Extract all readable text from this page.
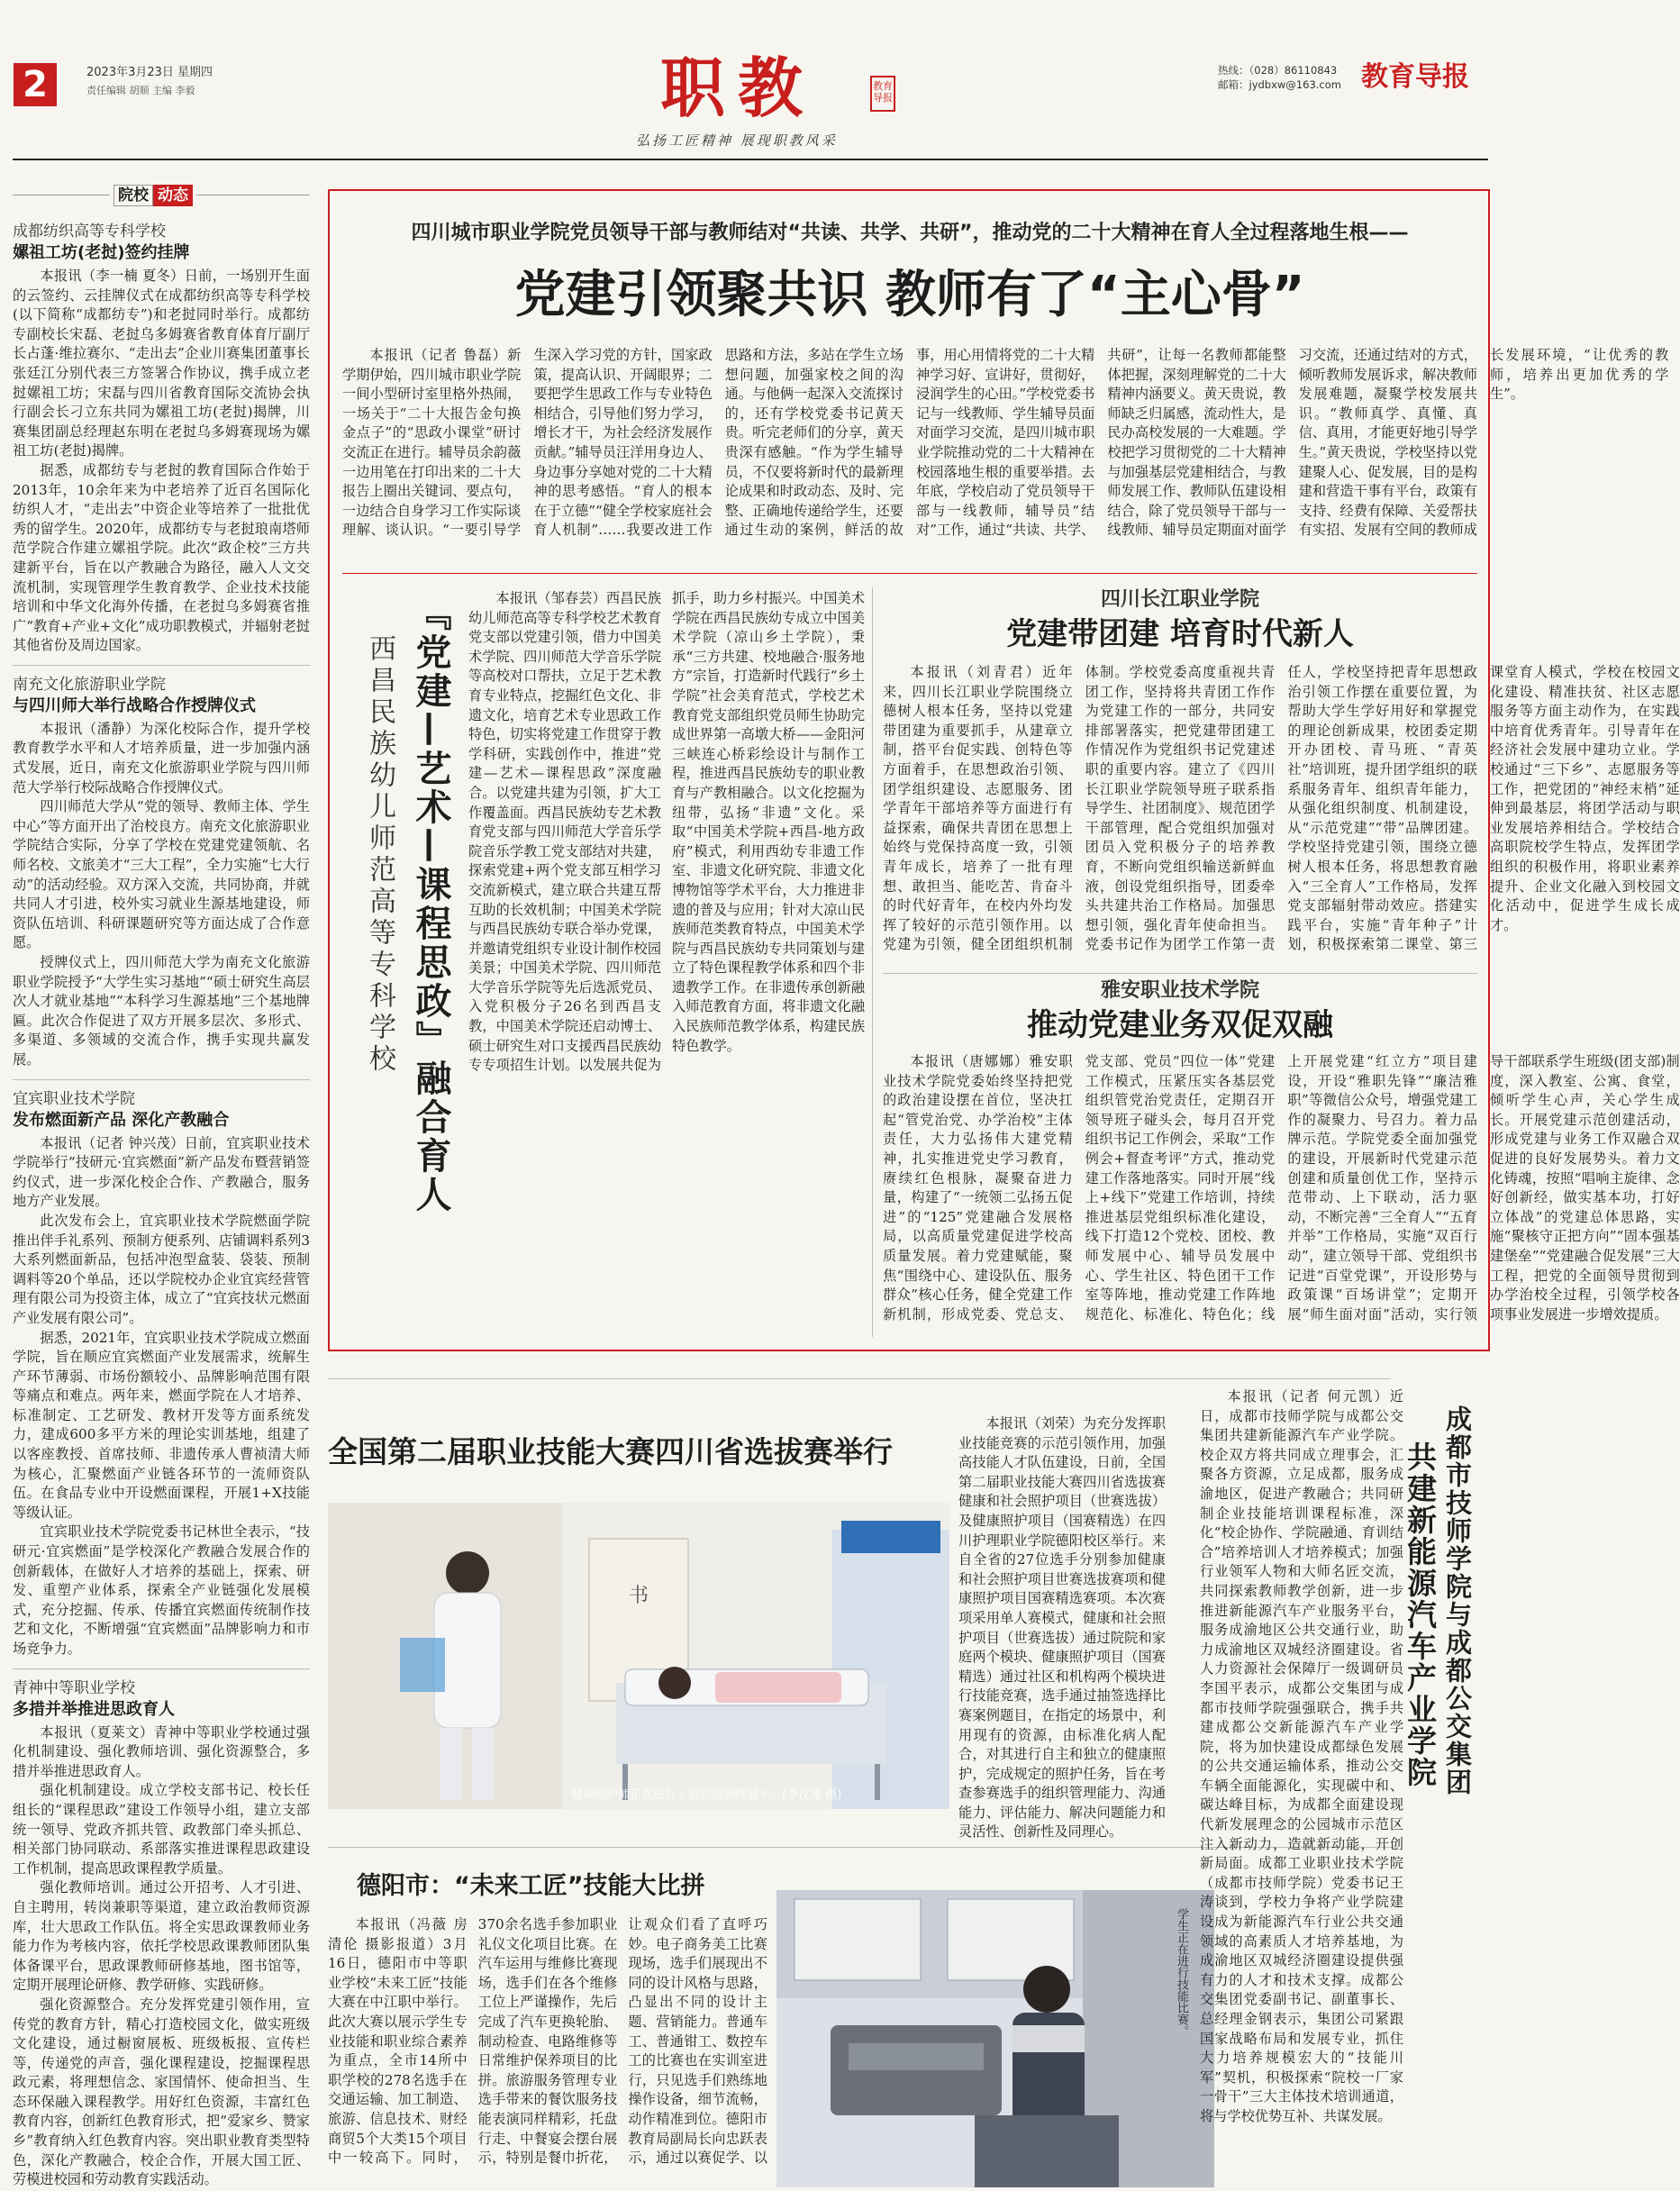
2	2023年3月23日 星期四
责任编辑 胡顺 主编 李毅	职教	教育导报
弘扬工匠精神 展现职教风采
热线：（028）86110843
邮箱：jydbxw@163.com 教育导报
院校 动态
成都纺织高等专科学校
嫘祖工坊(老挝)签约挂牌

本报讯（李一楠 夏冬）日前，一场别开生面的云签约、云挂牌仪式在成都纺织高等专科学校(以下简称“成都纺专”)和老挝同时举行。成都纺专副校长宋磊、老挝乌多姆赛省教育体育厅副厅长占蓬·维拉赛尔、“走出去”企业川赛集团董事长张廷江分别代表三方签署合作协议，携手成立老挝嫘祖工坊；宋磊与四川省教育国际交流协会执行副会长刁立东共同为嫘祖工坊(老挝)揭牌，川赛集团副总经理赵东明在老挝乌多姆赛现场为嫘祖工坊(老挝)揭牌。

据悉，成都纺专与老挝的教育国际合作始于2013年，10余年来为中老培养了近百名国际化纺织人才，“走出去”中资企业等培养了一批批优秀的留学生。2020年，成都纺专与老挝琅南塔师范学院合作建立嫘祖学院。此次“政企校”三方共建新平台，旨在以产教融合为路径，融入人文交流机制，实现管理学生教育教学、企业技术技能培训和中华文化海外传播，在老挝乌多姆赛省推广“教育+产业+文化”成功职教模式，并辐射老挝其他省份及周边国家。

南充文化旅游职业学院
与四川师大举行战略合作授牌仪式

本报讯（潘静）为深化校际合作，提升学校教育教学水平和人才培养质量，进一步加强内涵式发展，近日，南充文化旅游职业学院与四川师范大学举行校际战略合作授牌仪式。

四川师范大学从“党的领导、教师主体、学生中心”等方面开出了治校良方。南充文化旅游职业学院结合实际，分享了学校在党建党建领航、名师名校、文旅美才“三大工程”，全力实施“七大行动”的活动经验。双方深入交流，共同协商，并就共同人才引进，校外实习就业生源基地建设，师资队伍培训、科研课题研究等方面达成了合作意愿。

授牌仪式上，四川师范大学为南充文化旅游职业学院授予“大学生实习基地”“硕士研究生高层次人才就业基地”“本科学习生源基地”三个基地牌匾。此次合作促进了双方开展多层次、多形式、多渠道、多领域的交流合作，携手实现共赢发展。

宜宾职业技术学院
发布燃面新产品 深化产教融合

本报讯（记者 钟兴茂）日前，宜宾职业技术学院举行“技研元·宜宾燃面”新产品发布暨营销签约仪式，进一步深化校企合作、产教融合，服务地方产业发展。

此次发布会上，宜宾职业技术学院燃面学院推出伴手礼系列、预制方便系列、店铺调料系列3大系列燃面新品，包括冲泡型盒装、袋装、预制调料等20个单品，还以学院校办企业宜宾经营管理有限公司为投资主体，成立了“宜宾技状元燃面产业发展有限公司”。

据悉，2021年，宜宾职业技术学院成立燃面学院，旨在顺应宜宾燃面产业发展需求，统解生产环节薄弱、市场份额较小、品牌影响范围有限等痛点和难点。两年来，燃面学院在人才培养、标准制定、工艺研发、教材开发等方面系统发力，建成600多平方米的理论实训基地，组建了以客座教授、首席技师、非遗传承人曹祯清大师为核心，汇聚燃面产业链各环节的一流师资队伍。在食品专业中开设燃面课程，开展1+X技能等级认证。

宜宾职业技术学院党委书记林世全表示，“技研元·宜宾燃面”是学校深化产教融合发展合作的创新载体，在做好人才培养的基础上，探索、研发、重塑产业体系，探索全产业链强化发展模式，充分挖掘、传承、传播宜宾燃面传统制作技艺和文化，不断增强“宜宾燃面”品牌影响力和市场竞争力。

青神中等职业学校
多措并举推进思政育人

本报讯（夏莱文）青神中等职业学校通过强化机制建设、强化教师培训、强化资源整合，多措并举推进思政育人。

强化机制建设。成立学校支部书记、校长任组长的“课程思政”建设工作领导小组，建立支部统一领导、党政齐抓共管、政教部门牵头抓总、相关部门协同联动、系部落实推进课程思政建设工作机制，提高思政课程教学质量。

强化教师培训。通过公开招考、人才引进、自主聘用，转岗兼职等渠道，建立政治教师资源库，壮大思政工作队伍。将全实思政课教师业务能力作为考核内容，依托学校思政课教师团队集体备课平台，思政课教师研修基地，图书馆等，定期开展理论研修、教学研修、实践研修。

强化资源整合。充分发挥党建引领作用，宣传党的教育方针，精心打造校园文化，做实班级文化建设，通过橱窗展板、班级板报、宣传栏等，传递党的声音，强化课程建设，挖掘课程思政元素，将理想信念、家国情怀、使命担当、生态环保融入课程教学。用好红色资源，丰富红色教育内容，创新红色教育形式，把“爱家乡、赞家乡”教育纳入红色教育内容。突出职业教育类型特色，深化产教融合，校企合作，开展大国工匠、劳模进校园和劳动教育实践活动。

四川城市职业学院党员领导干部与教师结对“共读、共学、共研”，推动党的二十大精神在育人全过程落地生根——
党建引领聚共识 教师有了“主心骨”

本报讯（记者 鲁磊）新学期伊始，四川城市职业学院一间小型研讨室里格外热闹，一场关于“二十大报告金句换金点子”的“思政小课堂”研讨交流正在进行。辅导员余韵薇一边用笔在打印出来的二十大报告上圈出关键词、要点句，一边结合自身学习工作实际谈理解、谈认识。“一要引导学生深入学习党的方针，国家政策，提高认识、开阔眼界；二要把学生思政工作与专业特色相结合，引导他们努力学习，增长才干，为社会经济发展作贡献。”辅导员汪洋用身边人、身边事分享她对党的二十大精神的思考感悟。“育人的根本在于立德”“健全学校家庭社会育人机制”……我要改进工作思路和方法，多站在学生立场想问题，加强家校之间的沟通。与他俩一起深入交流探讨的，还有学校党委书记黄天贵。听完老师们的分享，黄天贵深有感触。“作为学生辅导员，不仅要将新时代的最新理论成果和时政动态、及时、完整、正确地传递给学生，还要通过生动的案例，鲜活的故事，用心用情将党的二十大精神学习好、宣讲好，贯彻好，浸润学生的心田。”学校党委书记与一线教师、学生辅导员面对面学习交流，是四川城市职业学院推动党的二十大精神在校园落地生根的重要举措。去年底，学校启动了党员领导干部与一线教师，辅导员“结对”工作，通过“共读、共学、共研”，让每一名教师都能整体把握，深刻理解党的二十大精神内涵要义。黄天贵说，教师缺乏归属感，流动性大，是民办高校发展的一大难题。学校把学习贯彻党的二十大精神与加强基层党建相结合，与教师发展工作、教师队伍建设相结合，除了党员领导干部与一线教师、辅导员定期面对面学习交流，还通过结对的方式，倾听教师发展诉求，解决教师发展难题，凝聚学校发展共识。“教师真学、真懂、真信、真用，才能更好地引导学生。”黄天贵说，学校坚持以党建聚人心、促发展，目的是构建和营造干事有平台，政策有支持、经费有保障、关爱帮扶有实招、发展有空间的教师成长发展环境，“让优秀的教师，培养出更加优秀的学生”。

『党建—艺术—课程思政』融合育人
西昌民族幼儿师范高等专科学校

本报讯（邹春芸）西昌民族幼儿师范高等专科学校艺术教育党支部以党建引领，借力中国美术学院、四川师范大学音乐学院等高校对口帮扶，立足于艺术教育专业特点，挖掘红色文化、非遗文化，培育艺术专业思政工作特色，切实将党建工作贯穿于教学科研，实践创作中，推进“党建—艺术—课程思政”深度融合。以党建共建为引领，扩大工作覆盖面。西昌民族幼专艺术教育党支部与四川师范大学音乐学院音乐学教工党支部结对共建，探索党建+两个党支部互相学习交流新模式，建立联合共建互帮互助的长效机制；中国美术学院与西昌民族幼专联合举办党课，并邀请党组织专业设计制作校园美景；中国美术学院、四川师范大学音乐学院等先后选派党员、入党积极分子26名到西昌支教，中国美术学院还启动博士、硕士研究生对口支援西昌民族幼专专项招生计划。以发展共促为抓手，助力乡村振兴。中国美术学院在西昌民族幼专成立中国美术学院（凉山乡土学院），秉承“三方共建、校地融合·服务地方”宗旨，打造新时代践行“乡土学院”社会美育范式，学校艺术教育党支部组织党员师生协助完成世界第一高墩大桥——金阳河三峡连心桥彩绘设计与制作工程，推进西昌民族幼专的职业教育与产教相融合。以文化挖掘为纽带，弘扬“非遗”文化。采取“中国美术学院+西昌-地方政府”模式，利用西幼专非遗工作室、非遗文化研究院、非遗文化博物馆等学术平台，大力推进非遗的普及与应用；针对大凉山民族师范类教育特点，中国美术学院与西昌民族幼专共同策划与建立了特色课程教学体系和四个非遗教学工作。在非遗传承创新融入师范教育方面，将非遗文化融入民族师范教学体系，构建民族特色教学。

四川长江职业学院
党建带团建 培育时代新人

本报讯（刘青君）近年来，四川长江职业学院围绕立德树人根本任务，坚持以党建带团建为重要抓手，从建章立制，搭平台促实践、创特色等方面着手，在思想政治引领、团学组织建设、志愿服务、团学青年干部培养等方面进行有益探索，确保共青团在思想上始终与党保持高度一致，引领青年成长，培养了一批有理想、敢担当、能吃苦、肯奋斗的时代好青年，在校内外均发挥了较好的示范引领作用。以党建为引领，健全团组织机制体制。学校党委高度重视共青团工作，坚持将共青团工作作为党建工作的一部分，共同安排部署落实，把党建带团建工作情况作为党组织书记党建述职的重要内容。建立了《四川长江职业学院领导班子联系指导学生、社团制度》、规范团学干部管理，配合党组织加强对团员入党积极分子的培养教育，不断向党组织输送新鲜血液，创设党组织指导，团委牵头共建共治工作格局。加强思想引领，强化青年使命担当。党委书记作为团学工作第一责任人，学校坚持把青年思想政治引领工作摆在重要位置，为帮助大学生学好用好和掌握党的理论创新成果，校团委定期开办团校、青马班、“青英社”培训班，提升团学组织的联系服务青年、组织青年能力，从强化组织制度、机制建设，从“示范党建”“带”品牌团建。学校坚持党建引领，围绕立德树人根本任务，将思想教育融入“三全育人”工作格局，发挥党支部辐射带动效应。搭建实践平台，实施“青年种子”计划，积极探索第二课堂、第三课堂育人模式，学校在校园文化建设、精准扶贫、社区志愿服务等方面主动作为，在实践中培育优秀青年。引导青年在经济社会发展中建功立业。学校通过“三下乡”、志愿服务等工作，把党团的“神经末梢”延伸到最基层，将团学活动与职业发展培养相结合。学校结合高职院校学生特点，发挥团学组织的积极作用，将职业素养提升、企业文化融入到校园文化活动中，促进学生成长成才。

雅安职业技术学院
推动党建业务双促双融

本报讯（唐娜娜）雅安职业技术学院党委始终坚持把党的政治建设摆在首位，坚决扛起“管党治党、办学治校”主体责任，大力弘扬伟大建党精神，扎实推进党史学习教育，赓续红色根脉，凝聚奋进力量，构建了“一统领二弘扬五促进”的“125”党建融合发展格局，以高质量党建促进学校高质量发展。着力党建赋能，聚焦“围绕中心、建设队伍、服务群众”核心任务，健全党建工作新机制，形成党委、党总支、党支部、党员“四位一体”党建工作模式，压紧压实各基层党组织管党治党责任，定期召开领导班子碰头会，每月召开党组织书记工作例会，采取“工作例会+督查考评”方式，推动党建工作落地落实。同时开展“线上+线下”党建工作培训，持续推进基层党组织标准化建设，线下打造12个党校、团校、教师发展中心、辅导员发展中心、学生社区、特色团干工作室等阵地，推动党建工作阵地规范化、标准化、特色化；线上开展党建“红立方”项目建设，开设“雅职先锋”“廉洁雅职”等微信公众号，增强党建工作的凝聚力、号召力。着力品牌示范。学院党委全面加强党的建设，开展新时代党建示范创建和质量创优工作，坚持示范带动、上下联动，活力驱动，不断完善“三全育人”“五育并举”工作格局，实施“双百行动”，建立领导干部、党组织书记进“百堂党课”，开设形势与政策课“百场讲堂”；定期开展“师生面对面”活动，实行领导干部联系学生班级(团支部)制度，深入教室、公寓、食堂，倾听学生心声，关心学生成长。开展党建示范创建活动，形成党建与业务工作双融合双促进的良好发展势头。着力文化铸魂，按照“唱响主旋律、念好创新经，做实基本功，打好立体战”的党建总体思路，实施“聚核守正把方向”“固本强基建堡垒”“党建融合促发展”三大工程，把党的全面领导贯彻到办学治校全过程，引领学校各项事业发展进一步增效提质。

全国第二届职业技能大赛四川省选拔赛举行
书
健康照护师正在进行上肢功能训练展示。(李汶瑾 摄)

本报讯（刘荣）为充分发挥职业技能竞赛的示范引领作用，加强高技能人才队伍建设，日前，全国第二届职业技能大赛四川省选拔赛健康和社会照护项目（世赛选拔）及健康照护项目（国赛精选）在四川护理职业学院德阳校区举行。来自全省的27位选手分别参加健康和社会照护项目世赛选拔赛项和健康照护项目国赛精选赛项。本次赛项采用单人赛模式，健康和社会照护项目（世赛选拔）通过院院和家庭两个模块、健康照护项目（国赛精选）通过社区和机构两个模块进行技能竞赛，选手通过抽签选择比赛案例题目，在指定的场景中，利用现有的资源，由标准化病人配合，对其进行自主和独立的健康照护，完成规定的照护任务，旨在考查参赛选手的组织管理能力、沟通能力、评估能力、解决问题能力和灵活性、创新性及同理心。

德阳市：“未来工匠”技能大比拼

本报讯（冯薇 房清伦 摄影报道）3月16日，德阳市中等职业学校“未来工匠”技能大赛在中江职中举行。此次大赛以展示学生专业技能和职业综合素养为重点，全市14所中职学校的278名选手在交通运输、加工制造、旅游、信息技术、财经商贸5个大类15个项目中一较高下。同时，370余名选手参加职业礼仪文化项目比赛。在汽车运用与维修比赛现场，选手们在各个维修工位上严谨操作，先后完成了汽车更换轮胎、制动检查、电路维修等日常维护保养项目的比拼。旅游服务管理专业选手带来的餐饮服务技能表演同样精彩，托盘行走、中餐宴会摆台展示，特别是餐巾折花，让观众们看了直呼巧妙。电子商务美工比赛现场，选手们展现出不同的设计风格与思路，凸显出不同的设计主题、营销能力。普通车工、普通钳工、数控车工的比赛也在实训室进行，只见选手们熟练地操作设备，细节流畅，动作精准到位。德阳市教育局副局长向忠跃表示，通过以赛促学、以

学生正在进行技能比赛。
成都市技师学院与成都公交集团
共建新能源汽车产业学院

本报讯（记者 何元凯）近日，成都市技师学院与成都公交集团共建新能源汽车产业学院。校企双方将共同成立理事会，汇聚各方资源，立足成都，服务成渝地区，促进产教融合；共同研制企业技能培训课程标准，深化“校企协作、学院融通、育训结合”培养培训人才培养模式；加强行业领军人物和大师名匠交流，共同探索教师教学创新，进一步推进新能源汽车产业服务平台，服务成渝地区公共交通行业，助力成渝地区双城经济圈建设。省人力资源社会保障厅一级调研员李国平表示，成都公交集团与成都市技师学院强强联合，携手共建成都公交新能源汽车产业学院，将为加快建设成都绿色发展的公共交通运输体系，推动公交车辆全面能源化，实现碳中和、碳达峰目标，为成都全面建设现代新发展理念的公园城市示范区注入新动力，造就新动能，开创新局面。成都工业职业技术学院（成都市技师学院）党委书记王涛谈到，学校力争将产业学院建设成为新能源汽车行业公共交通领域的高素质人才培养基地，为成渝地区双城经济圈建设提供强有力的人才和技术支撑。成都公交集团党委副书记、副董事长、总经理金钢表示，集团公司紧跟国家战略布局和发展专业，抓住大力培养规模宏大的“技能川军”契机，积极探索“院校一厂家一骨干”三大主体技术培训通道，将与学校优势互补、共谋发展。
